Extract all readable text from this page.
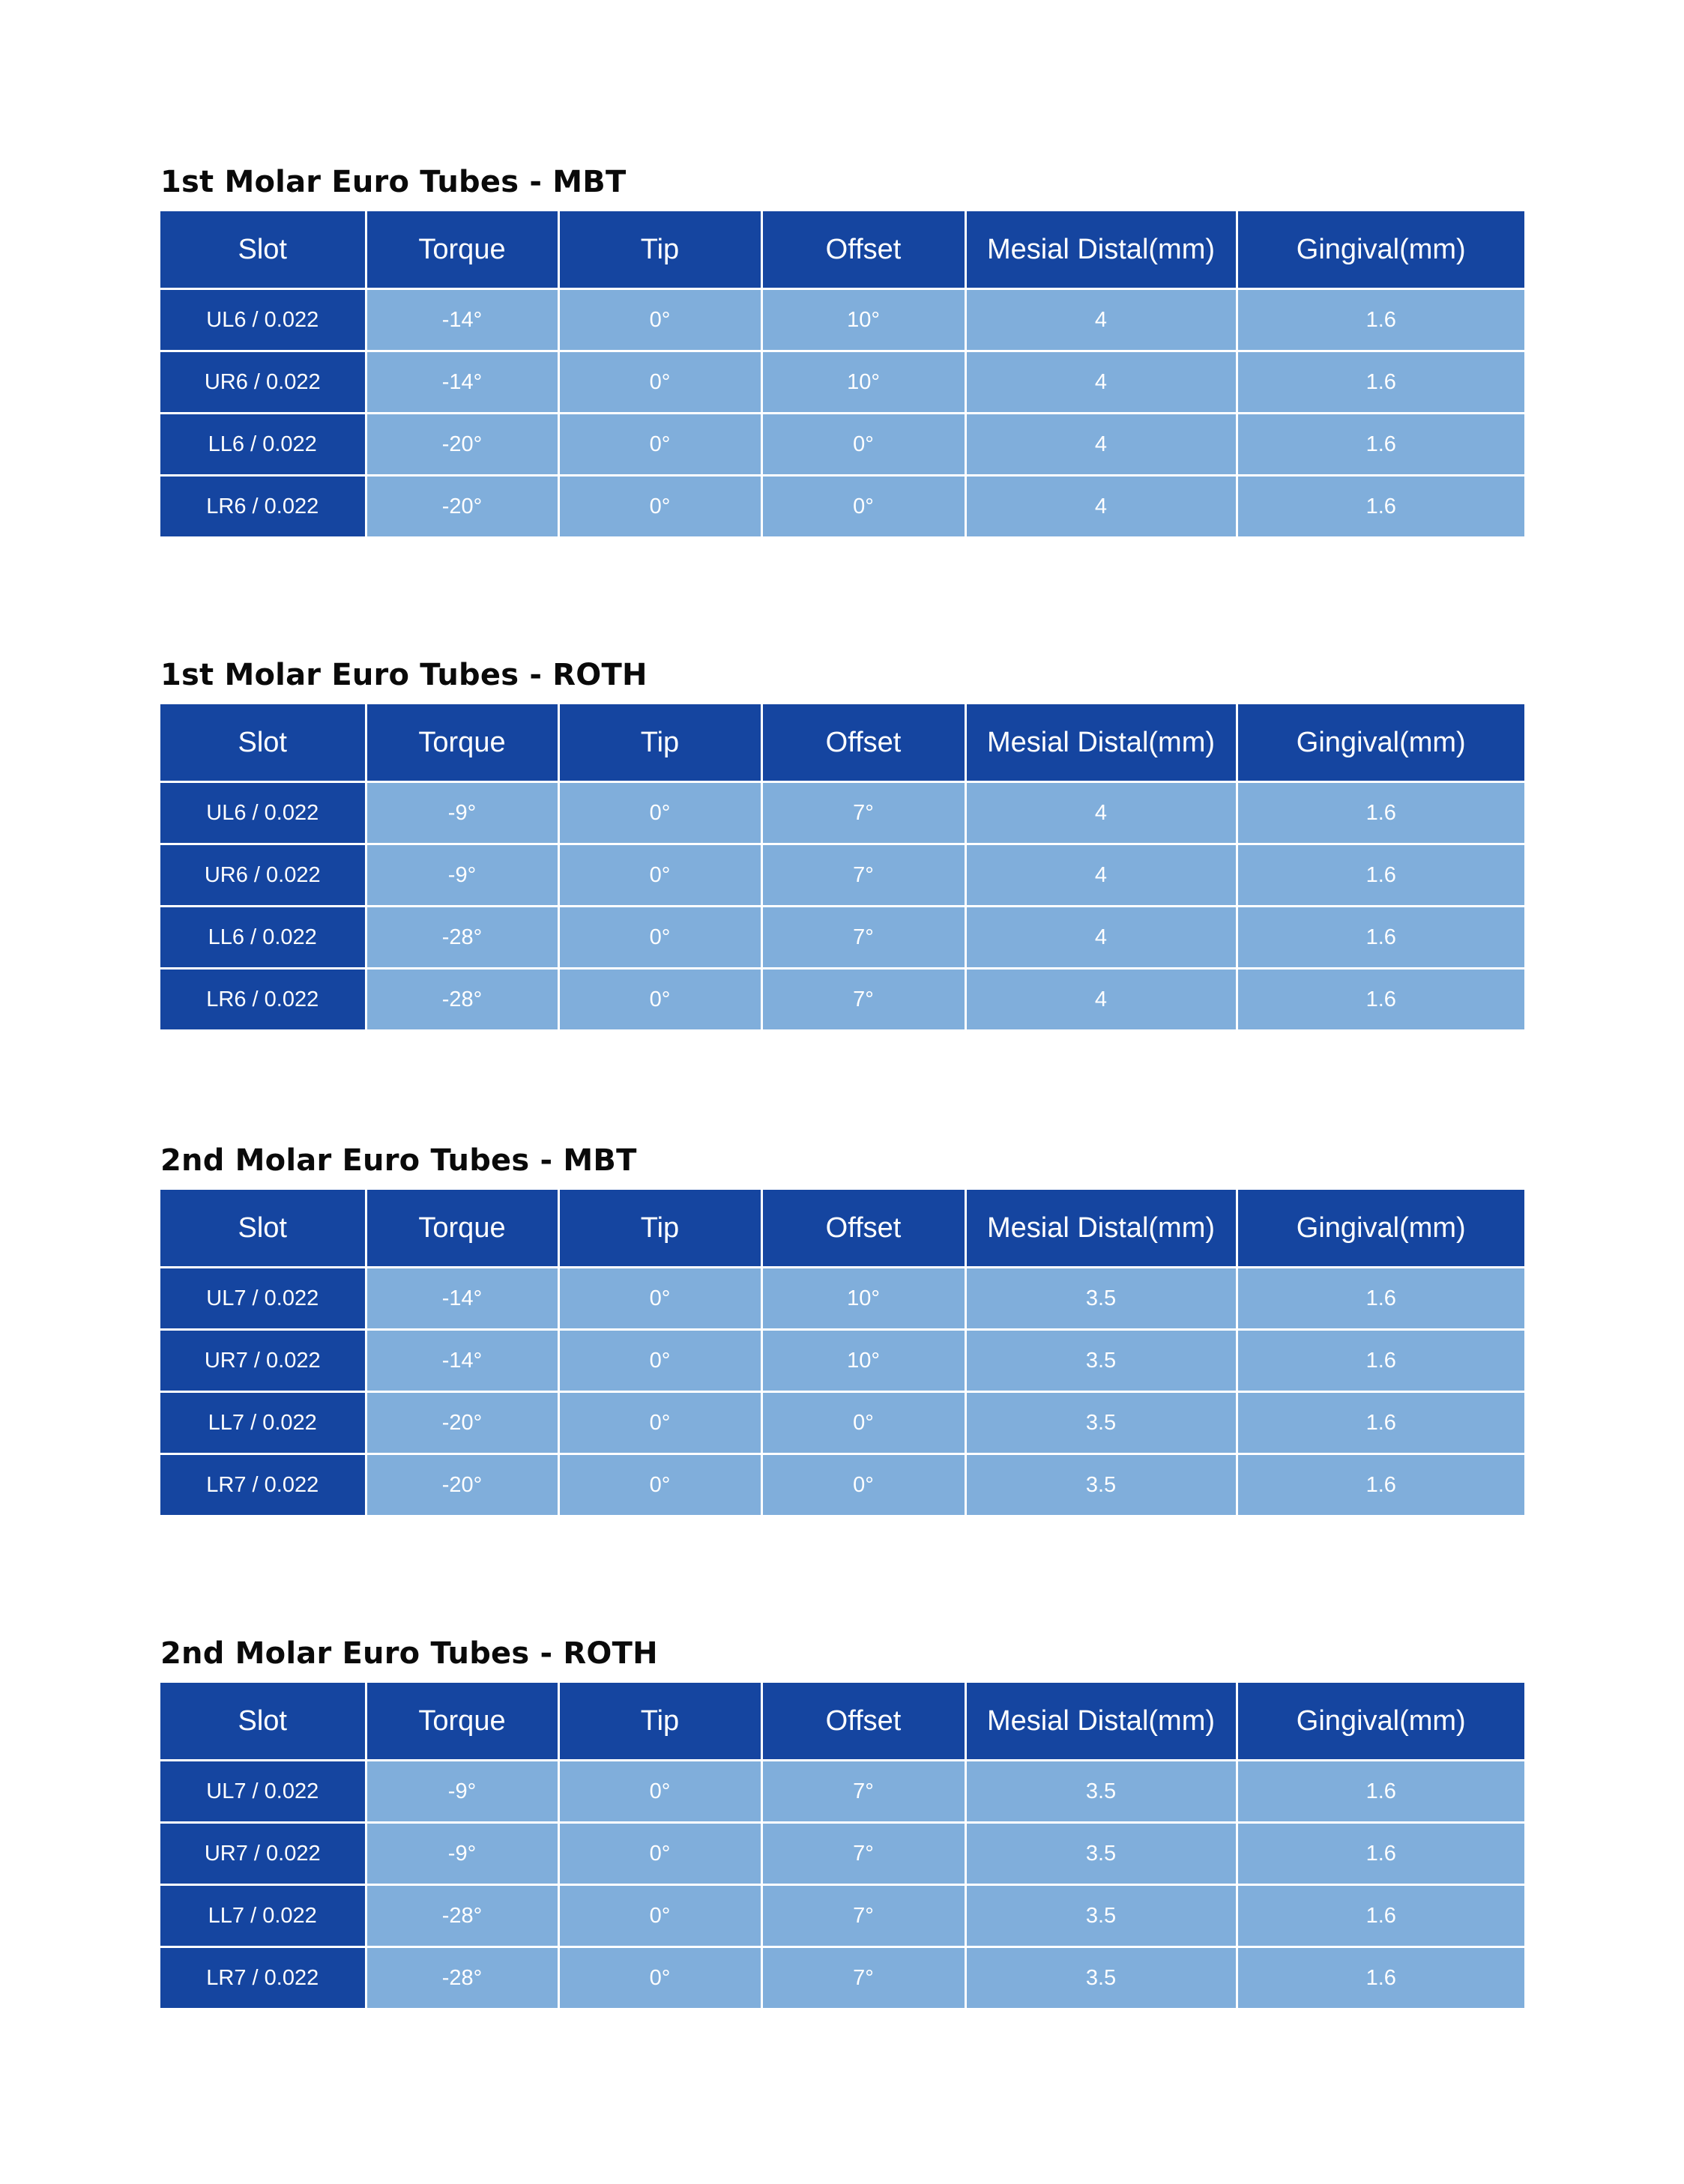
1st Molar Euro Tubes - MBT
Slot	Torque	Tip	Offset	Mesial Distal(mm)	Gingival(mm)
UL6 / 0.022	-14°	0°	10°	4	1.6
UR6 / 0.022	-14°	0°	10°	4	1.6
LL6 / 0.022	-20°	0°	0°	4	1.6
LR6 / 0.022	-20°	0°	0°	4	1.6
1st Molar Euro Tubes - ROTH
Slot	Torque	Tip	Offset	Mesial Distal(mm)	Gingival(mm)
UL6 / 0.022	-9°	0°	7°	4	1.6
UR6 / 0.022	-9°	0°	7°	4	1.6
LL6 / 0.022	-28°	0°	7°	4	1.6
LR6 / 0.022	-28°	0°	7°	4	1.6
2nd Molar Euro Tubes - MBT
Slot	Torque	Tip	Offset	Mesial Distal(mm)	Gingival(mm)
UL7 / 0.022	-14°	0°	10°	3.5	1.6
UR7 / 0.022	-14°	0°	10°	3.5	1.6
LL7 / 0.022	-20°	0°	0°	3.5	1.6
LR7 / 0.022	-20°	0°	0°	3.5	1.6
2nd Molar Euro Tubes - ROTH
Slot	Torque	Tip	Offset	Mesial Distal(mm)	Gingival(mm)
UL7 / 0.022	-9°	0°	7°	3.5	1.6
UR7 / 0.022	-9°	0°	7°	3.5	1.6
LL7 / 0.022	-28°	0°	7°	3.5	1.6
LR7 / 0.022	-28°	0°	7°	3.5	1.6
